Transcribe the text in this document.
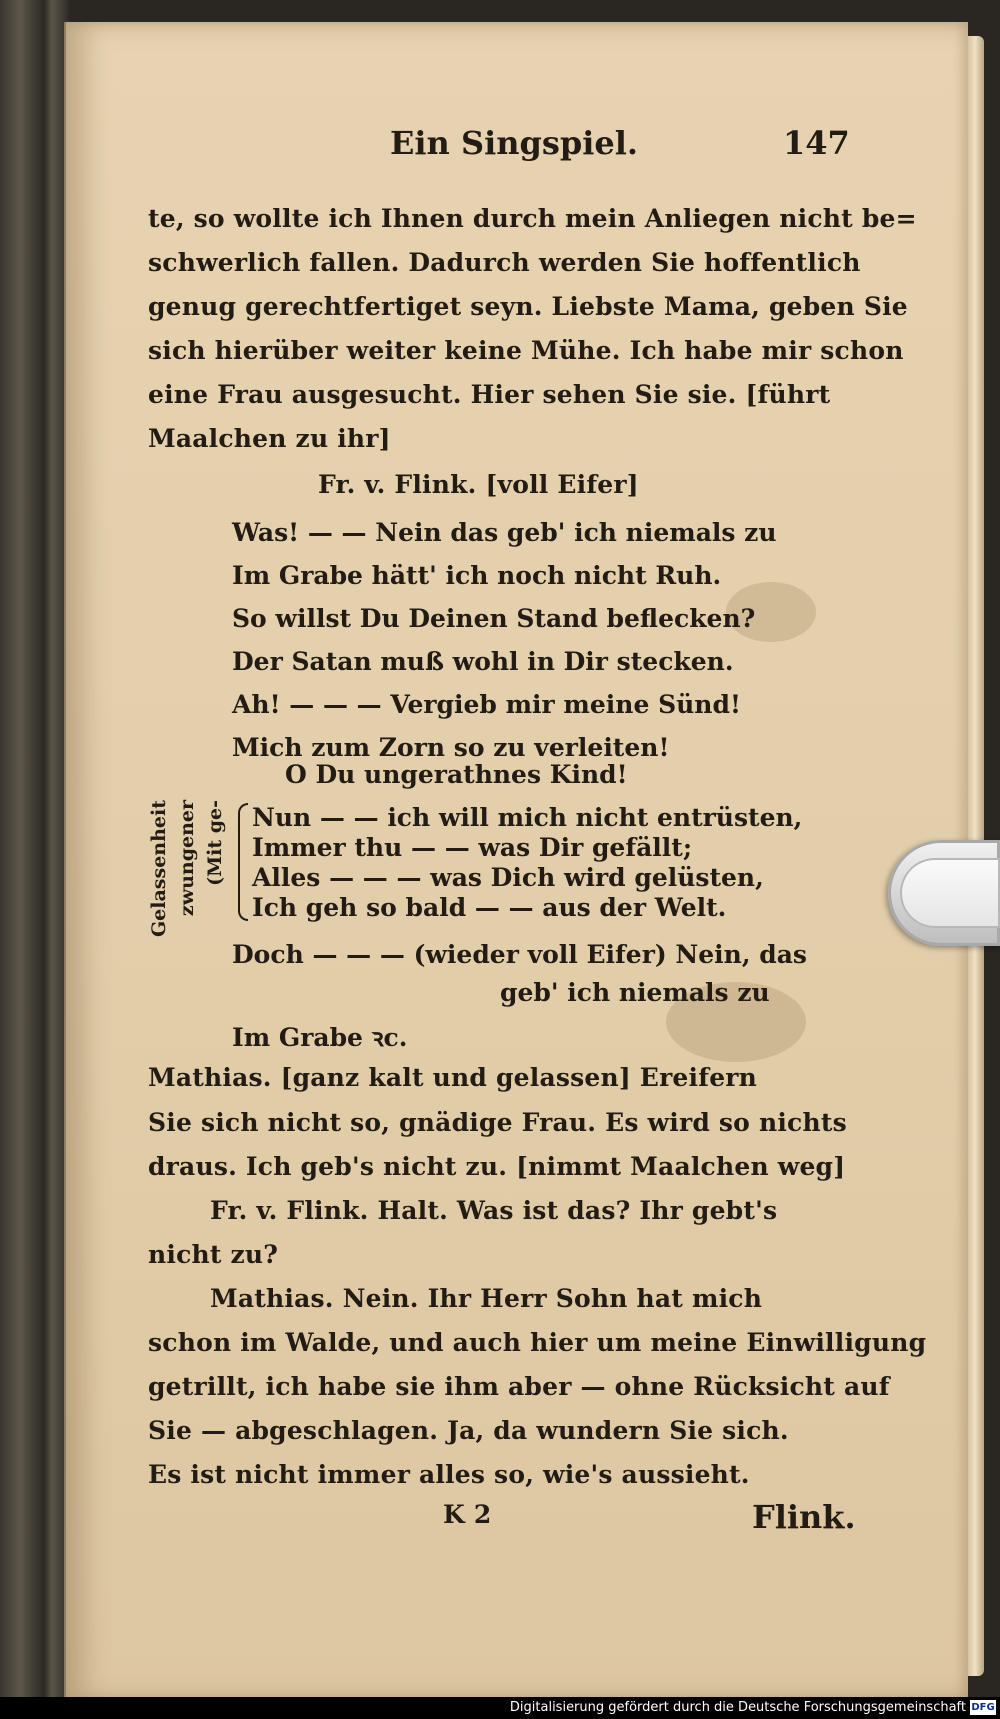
Ein Singspiel.	147
te, so wollte ich Ihnen durch mein Anliegen nicht be=
schwerlich fallen. Dadurch werden Sie hoffentlich
genug gerechtfertiget seyn. Liebste Mama, geben Sie
sich hierüber weiter keine Mühe. Ich habe mir schon
eine Frau ausgesucht. Hier sehen Sie sie. [führt
Maalchen zu ihr]
Fr. v. Flink. [voll Eifer]
Was! — — Nein das geb' ich niemals zu
Im Grabe hätt' ich noch nicht Ruh.
So willst Du Deinen Stand beflecken?
Der Satan muß wohl in Dir stecken.
Ah! — — — Vergieb mir meine Sünd!
Mich zum Zorn so zu verleiten!
O Du ungerathnes Kind!
(Mit ge-
zwungener
Gelassenheit	Nun — — ich will mich nicht entrüsten,
Immer thu — — was Dir gefällt;
Alles — — — was Dich wird gelüsten,
Ich geh so bald — — aus der Welt.
Doch — — — (wieder voll Eifer) Nein, das
geb' ich niemals zu
Im Grabe ꝛc.
Mathias. [ganz kalt und gelassen] Ereifern
Sie sich nicht so, gnädige Frau. Es wird so nichts
draus. Ich geb's nicht zu. [nimmt Maalchen weg]
Fr. v. Flink. Halt. Was ist das? Ihr gebt's
nicht zu?
Mathias. Nein. Ihr Herr Sohn hat mich
schon im Walde, und auch hier um meine Einwilligung
getrillt, ich habe sie ihm aber — ohne Rücksicht auf
Sie — abgeschlagen. Ja, da wundern Sie sich.
Es ist nicht immer alles so, wie's aussieht.
K 2	Flink.
Digitalisierung gefördert durch die Deutsche Forschungsgemeinschaft DFG
